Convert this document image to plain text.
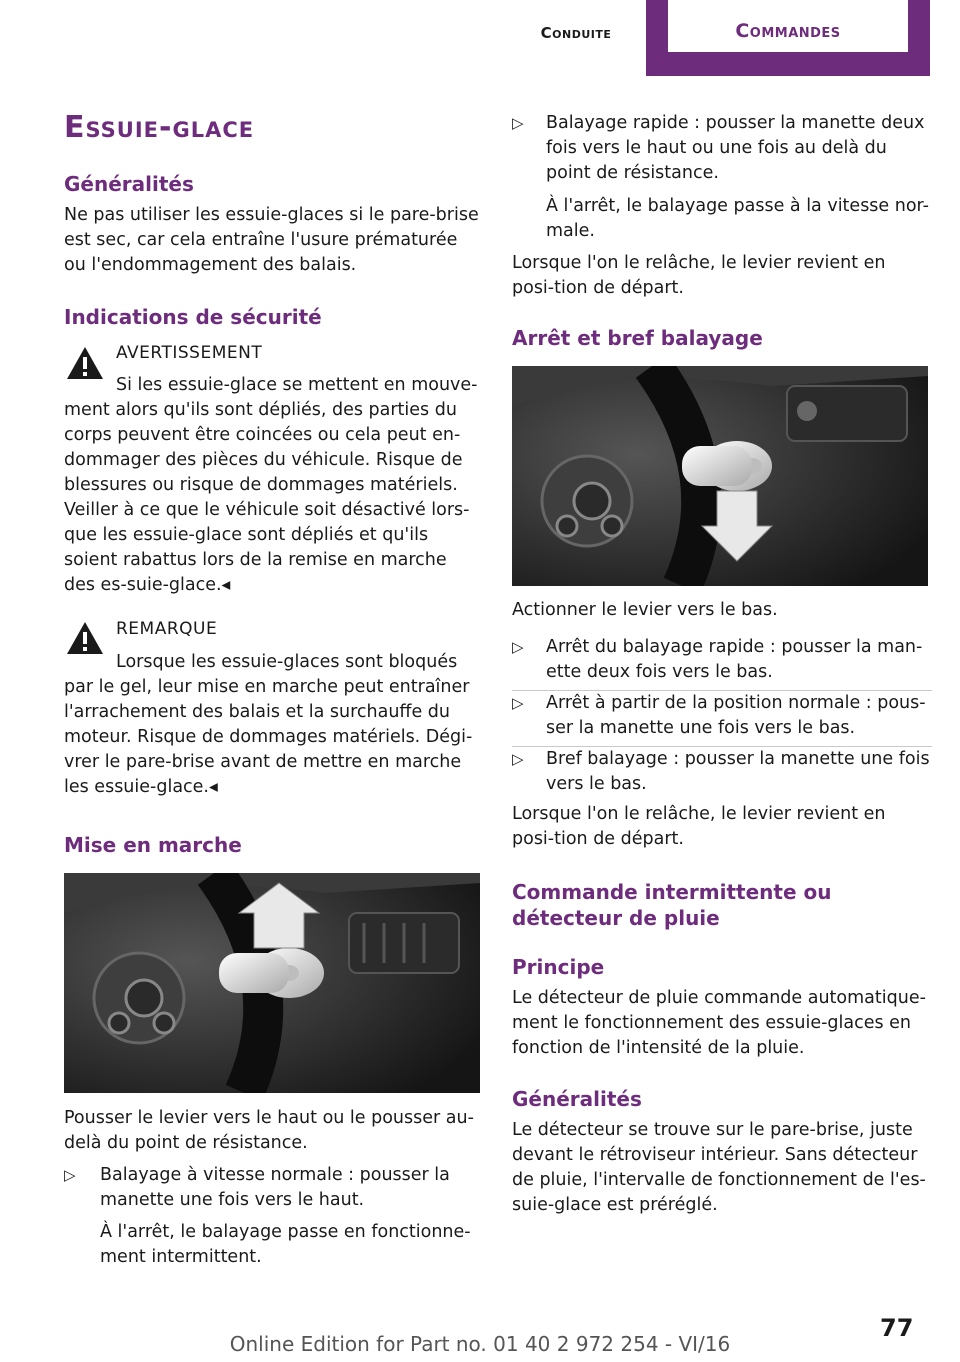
Conduite	Commandes
Essuie-glace
Généralités
Ne pas utiliser les essuie-glaces si le pare-brise est sec, car cela entraîne l'usure prématurée ou l'endommagement des balais.
Indications de sécurité
AVERTISSEMENT
Si les essuie-glace se mettent en mouve-
ment alors qu'ils sont dépliés, des parties du corps peuvent être coincées ou cela peut en-dommager des pièces du véhicule. Risque de blessures ou risque de dommages matériels. Veiller à ce que le véhicule soit désactivé lors-que les essuie-glace sont dépliés et qu'ils soient rabattus lors de la remise en marche des es-suie-glace.◂
REMARQUE
Lorsque les essuie-glaces sont bloqués
par le gel, leur mise en marche peut entraîner l'arrachement des balais et la surchauffe du moteur. Risque de dommages matériels. Dégi-vrer le pare-brise avant de mettre en marche les essuie-glace.◂
Mise en marche
Pousser le levier vers le haut ou le pousser au-delà du point de résistance.
▷ Balayage à vitesse normale : pousser la manette une fois vers le haut.
À l'arrêt, le balayage passe en fonctionne-ment intermittent.
▷ Balayage rapide : pousser la manette deux fois vers le haut ou une fois au delà du point de résistance.
À l'arrêt, le balayage passe à la vitesse nor-male.
Lorsque l'on le relâche, le levier revient en posi-tion de départ.
Arrêt et bref balayage
Actionner le levier vers le bas.
▷ Arrêt du balayage rapide : pousser la man-ette deux fois vers le bas.
▷ Arrêt à partir de la position normale : pous-ser la manette une fois vers le bas.
▷ Bref balayage : pousser la manette une fois vers le bas.
Lorsque l'on le relâche, le levier revient en posi-tion de départ.
Commande intermittente ou détecteur de pluie
Principe
Le détecteur de pluie commande automatique-ment le fonctionnement des essuie-glaces en fonction de l'intensité de la pluie.
Généralités
Le détecteur se trouve sur le pare-brise, juste devant le rétroviseur intérieur. Sans détecteur de pluie, l'intervalle de fonctionnement de l'es-suie-glace est préréglé.
77
Online Edition for Part no. 01 40 2 972 254 - VI/16
